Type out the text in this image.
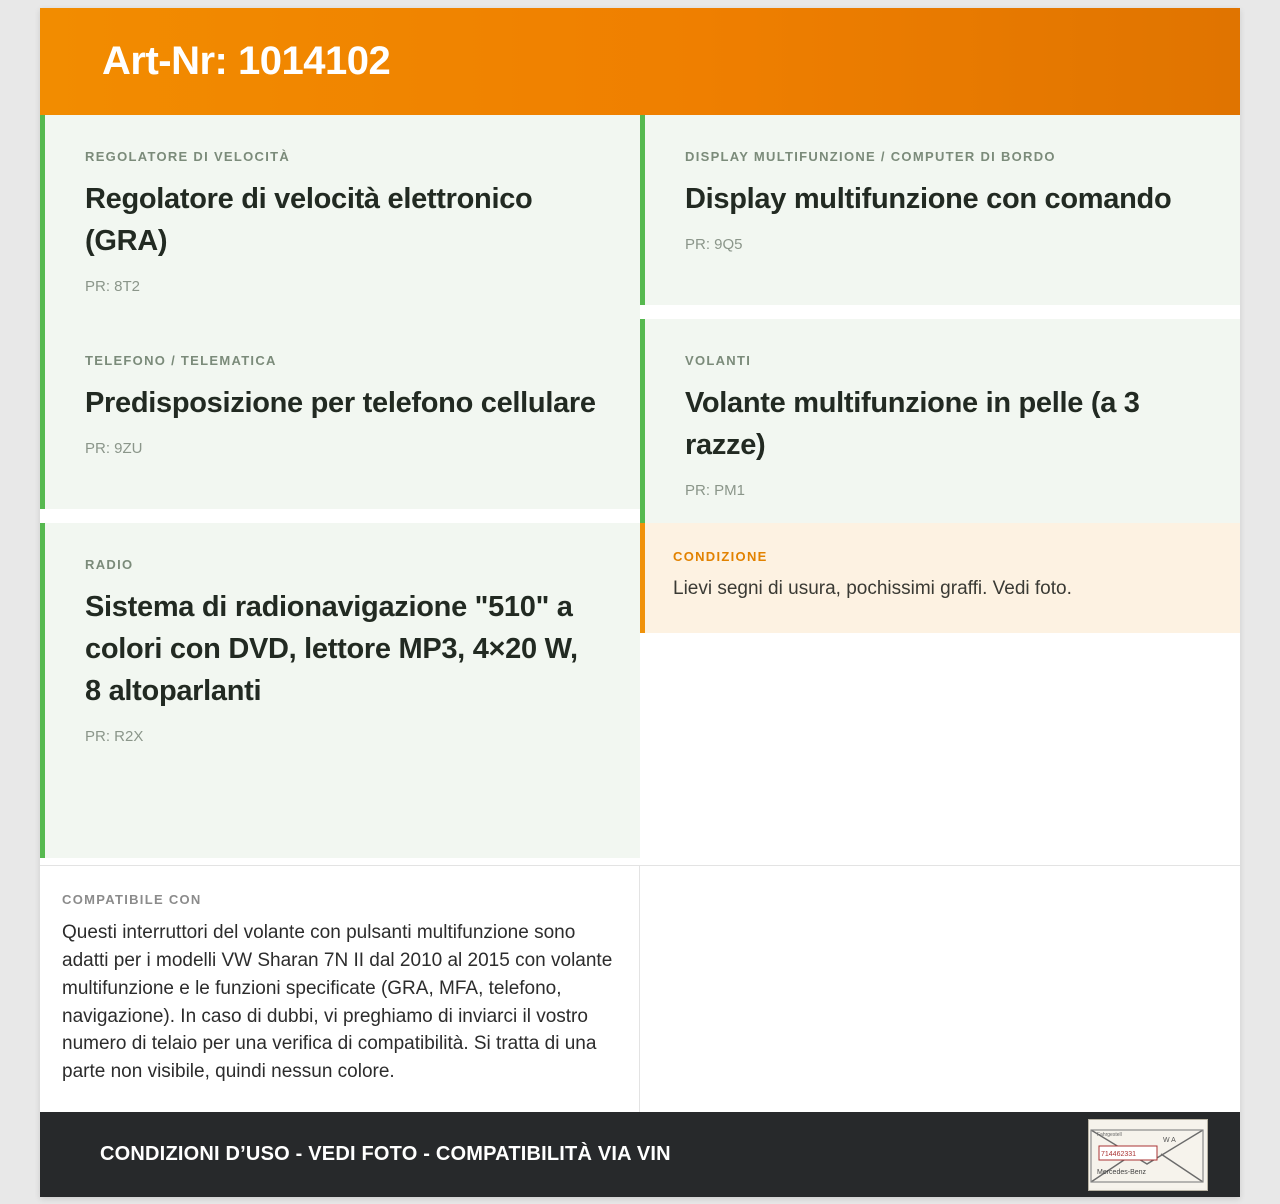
Art-Nr: 1014102
REGOLATORE DI VELOCITÀ
Regolatore di velocità elettronico (GRA)
PR: 8T2
DISPLAY MULTIFUNZIONE / COMPUTER DI BORDO
Display multifunzione con comando
PR: 9Q5
TELEFONO / TELEMATICA
Predisposizione per telefono cellulare
PR: 9ZU
VOLANTI
Volante multifunzione in pelle (a 3 razze)
PR: PM1
RADIO
Sistema di radionavigazione "510" a colori con DVD, lettore MP3, 4×20 W, 8 altoparlanti
PR: R2X
CONDIZIONE
Lievi segni di usura, pochissimi graffi. Vedi foto.
COMPATIBILE CON
Questi interruttori del volante con pulsanti multifunzione sono adatti per i modelli VW Sharan 7N II dal 2010 al 2015 con volante multifunzione e le funzioni specificate (GRA, MFA, telefono, navigazione). In caso di dubbi, vi preghiamo di inviarci il vostro numero di telaio per una verifica di compatibilità. Si tratta di una parte non visibile, quindi nessun colore.
CONDIZIONI D’USO - VEDI FOTO - COMPATIBILITÀ VIA VIN	714462331
Fahrgestell
W A
Mercedes-Benz
